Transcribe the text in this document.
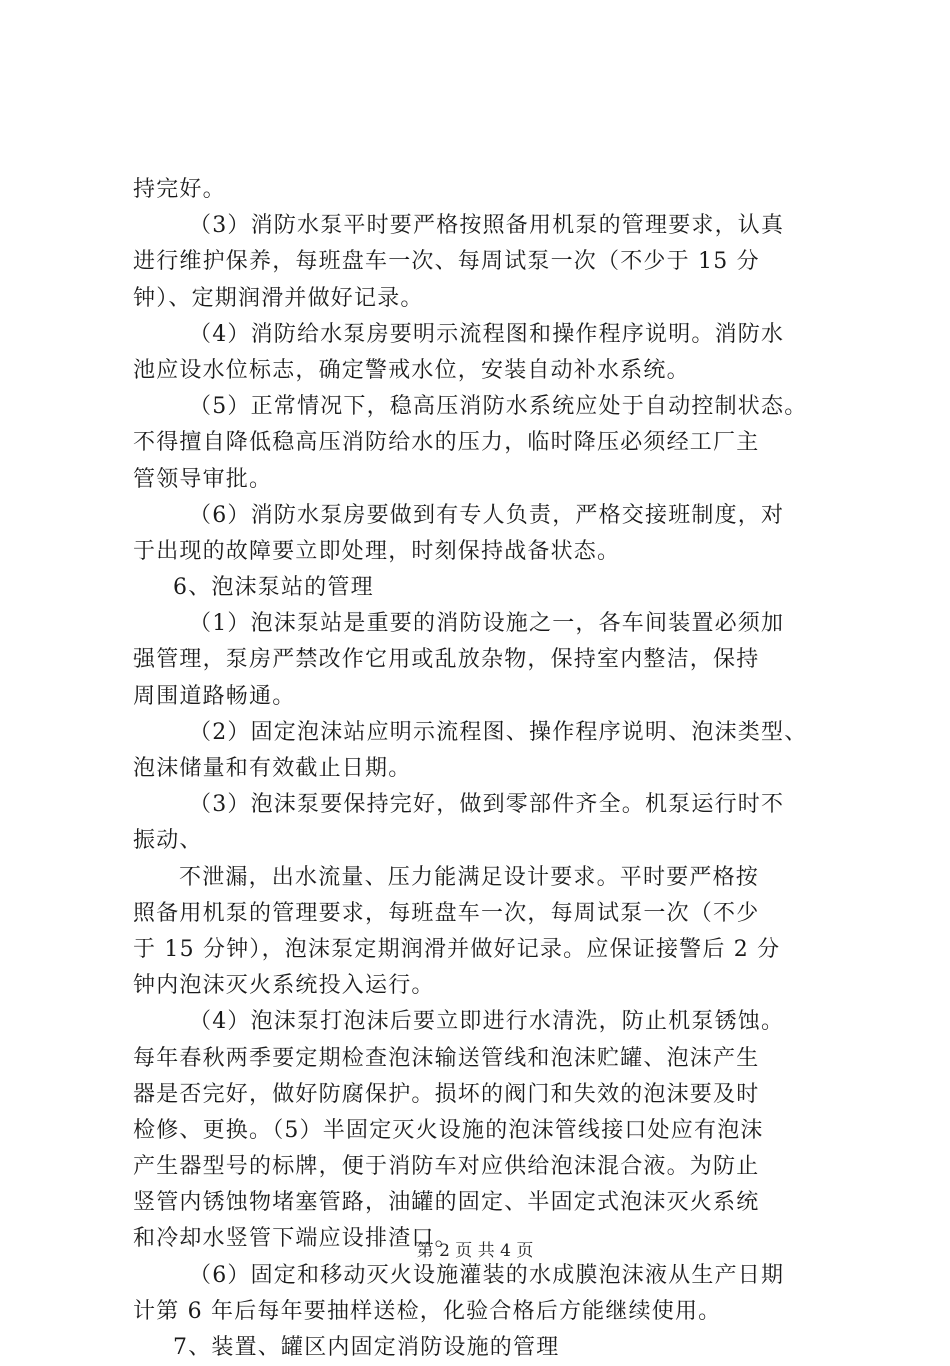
持完好。
（3）消防水泵平时要严格按照备用机泵的管理要求，认真
进行维护保养，每班盘车一次、每周试泵一次（不少于 15 分
钟）、定期润滑并做好记录。
（4）消防给水泵房要明示流程图和操作程序说明。消防水
池应设水位标志，确定警戒水位，安装自动补水系统。
（5）正常情况下，稳高压消防水系统应处于自动控制状态。
不得擅自降低稳高压消防给水的压力，临时降压必须经工厂主
管领导审批。
（6）消防水泵房要做到有专人负责，严格交接班制度，对
于出现的故障要立即处理，时刻保持战备状态。
6、泡沫泵站的管理
（1）泡沫泵站是重要的消防设施之一，各车间装置必须加
强管理，泵房严禁改作它用或乱放杂物，保持室内整洁，保持
周围道路畅通。
（2）固定泡沫站应明示流程图、操作程序说明、泡沫类型、
泡沫储量和有效截止日期。
（3）泡沫泵要保持完好，做到零部件齐全。机泵运行时不
振动、
不泄漏，出水流量、压力能满足设计要求。平时要严格按
照备用机泵的管理要求，每班盘车一次，每周试泵一次（不少
于 15 分钟），泡沫泵定期润滑并做好记录。应保证接警后 2 分
钟内泡沫灭火系统投入运行。
（4）泡沫泵打泡沫后要立即进行水清洗，防止机泵锈蚀。
每年春秋两季要定期检查泡沫输送管线和泡沫贮罐、泡沫产生
器是否完好，做好防腐保护。损坏的阀门和失效的泡沫要及时
检修、更换。（5）半固定灭火设施的泡沫管线接口处应有泡沫
产生器型号的标牌，便于消防车对应供给泡沫混合液。为防止
竖管内锈蚀物堵塞管路，油罐的固定、半固定式泡沫灭火系统
和冷却水竖管下端应设排渣口。
（6）固定和移动灭火设施灌装的水成膜泡沫液从生产日期
计第 6 年后每年要抽样送检，化验合格后方能继续使用。
7、装置、罐区内固定消防设施的管理
第 2 页 共 4 页
